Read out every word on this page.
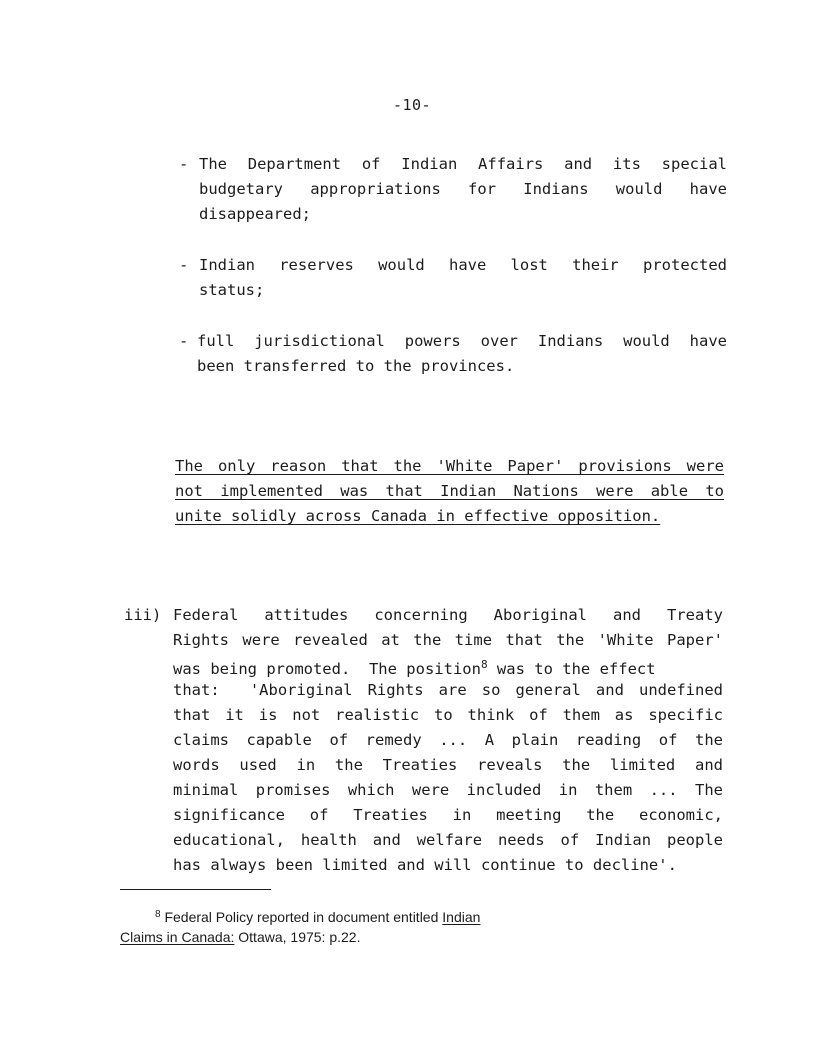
-10-
- The Department of Indian Affairs and its special
budgetary appropriations for Indians would have
disappeared;
- Indian reserves would have lost their protected
status;
- full jurisdictional powers over Indians would have
been transferred to the provinces.
The only reason that the 'White Paper' provisions were
not implemented was that Indian Nations were able to
unite solidly across Canada in effective opposition.
iii) Federal attitudes concerning Aboriginal and Treaty
Rights were revealed at the time that the 'White Paper'
was being promoted.  The position$^8$ was to the effect
that:  'Aboriginal Rights are so general and undefined
that it is not realistic to think of them as specific
claims capable of remedy ... A plain reading of the
words used in the Treaties reveals the limited and
minimal promises which were included in them ... The
significance of Treaties in meeting the economic,
educational, health and welfare needs of Indian people
has always been limited and will continue to decline'.
$^8$ Federal Policy reported in document entitled Indian
Claims in Canada: Ottawa, 1975: p.22.
